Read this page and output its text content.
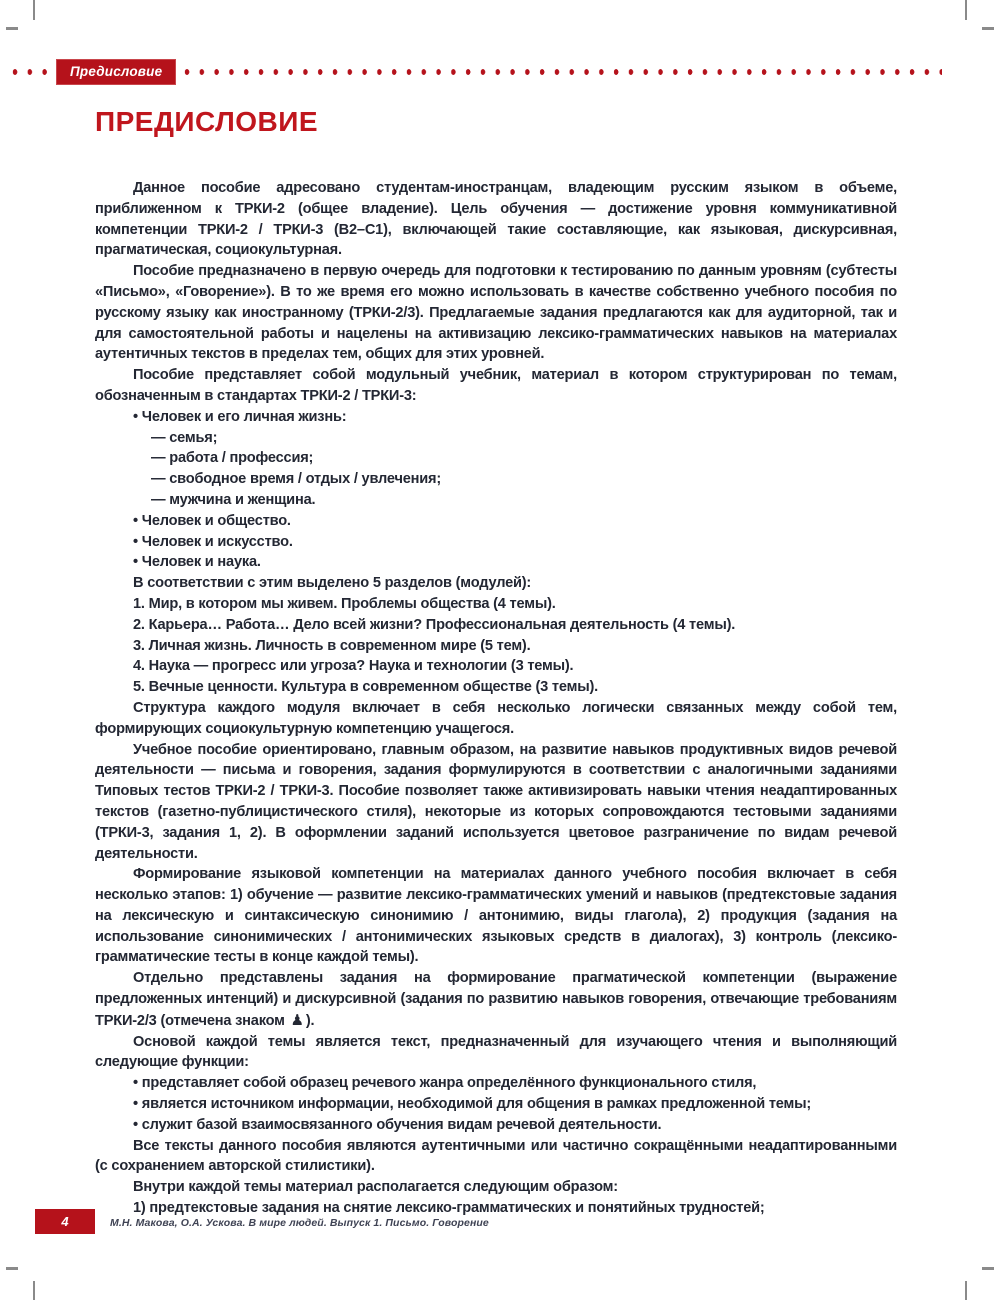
Предисловие
ПРЕДИСЛОВИЕ

Данное пособие адресовано студентам-иностранцам, владеющим русским языком в объеме, приближенном к ТРКИ-2 (общее владение). Цель обучения — достижение уровня коммуникативной компетенции ТРКИ-2 / ТРКИ-3 (В2–С1), включающей такие составляющие, как языковая, дискурсивная, прагматическая, социокультурная.

Пособие предназначено в первую очередь для подготовки к тестированию по данным уровням (субтесты «Письмо», «Говорение»). В то же время его можно использовать в качестве собственно учебного пособия по русскому языку как иностранному (ТРКИ-2/3). Предлагаемые задания предлагаются как для аудиторной, так и для самостоятельной работы и нацелены на активизацию лексико-грамматических навыков на материалах аутентичных текстов в пределах тем, общих для этих уровней.

Пособие представляет собой модульный учебник, материал в котором структурирован по темам, обозначенным в стандартах ТРКИ-2 / ТРКИ-3:

• Человек и его личная жизнь:

— семья;

— работа / профессия;

— свободное время / отдых / увлечения;

— мужчина и женщина.

• Человек и общество.

• Человек и искусство.

• Человек и наука.

В соответствии с этим выделено 5 разделов (модулей):

1. Мир, в котором мы живем. Проблемы общества (4 темы).

2. Карьера… Работа… Дело всей жизни? Профессиональная деятельность (4 темы).

3. Личная жизнь. Личность в современном мире (5 тем).

4. Наука — прогресс или угроза? Наука и технологии (3 темы).

5. Вечные ценности. Культура в современном обществе (3 темы).

Структура каждого модуля включает в себя несколько логически связанных между собой тем, формирующих социокультурную компетенцию учащегося.

Учебное пособие ориентировано, главным образом, на развитие навыков продуктивных видов речевой деятельности — письма и говорения, задания формулируются в соответствии с аналогичными заданиями Типовых тестов ТРКИ-2 / ТРКИ-3. Пособие позволяет также активизировать навыки чтения неадаптированных текстов (газетно-публицистического стиля), некоторые из которых сопровождаются тестовыми заданиями (ТРКИ-3, задания 1, 2). В оформлении заданий используется цветовое разграничение по видам речевой деятельности.

Формирование языковой компетенции на материалах данного учебного пособия включает в себя несколько этапов: 1) обучение — развитие лексико-грамматических умений и навыков (предтекстовые задания на лексическую и синтаксическую синонимию / антонимию, виды глагола), 2) продукция (задания на использование синонимических / антонимических языковых средств в диалогах), 3) контроль (лексико-грамматические тесты в конце каждой темы).

Отдельно представлены задания на формирование прагматической компетенции (выражение предложенных интенций) и дискурсивной (задания по развитию навыков говорения, отвечающие требованиям ТРКИ-2/3 (отмечена знаком ♟ ).

Основой каждой темы является текст, предназначенный для изучающего чтения и выполняющий следующие функции:

• представляет собой образец речевого жанра определённого функционального стиля,

• является источником информации, необходимой для общения в рамках предложенной темы;

• служит базой взаимосвязанного обучения видам речевой деятельности.

Все тексты данного пособия являются аутентичными или частично сокращёнными неадаптированными (с сохранением авторской стилистики).

Внутри каждой темы материал располагается следующим образом:

1) предтекстовые задания на снятие лексико-грамматических и понятийных трудностей;

4	М.Н. Макова, О.А. Ускова. В мире людей. Выпуск 1. Письмо. Говорение
